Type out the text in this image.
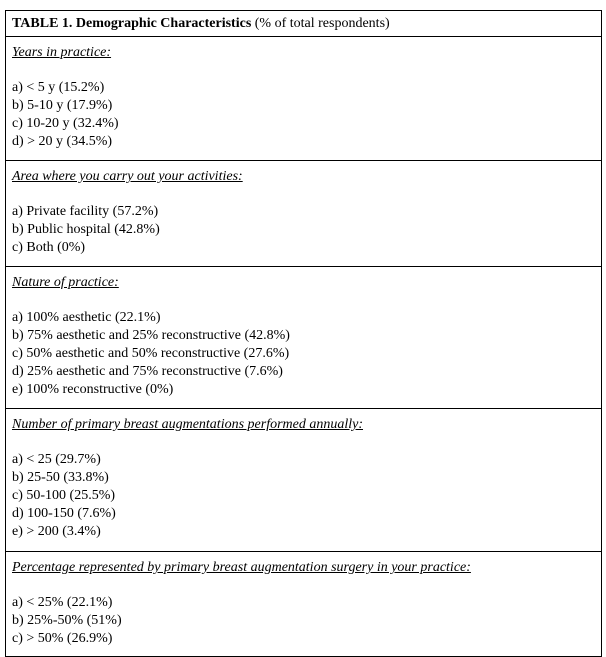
TABLE 1. Demographic Characteristics (% of total respondents)
Years in practice:
a) < 5 y (15.2%)
b) 5-10 y (17.9%)
c) 10-20 y (32.4%)
d) > 20 y (34.5%)
Area where you carry out your activities:
a) Private facility (57.2%)
b) Public hospital (42.8%)
c) Both (0%)
Nature of practice:
a) 100% aesthetic (22.1%)
b) 75% aesthetic and 25% reconstructive (42.8%)
c) 50% aesthetic and 50% reconstructive (27.6%)
d) 25% aesthetic and 75% reconstructive (7.6%)
e) 100% reconstructive (0%)
Number of primary breast augmentations performed annually:
a) < 25 (29.7%)
b) 25-50 (33.8%)
c) 50-100 (25.5%)
d) 100-150 (7.6%)
e) > 200 (3.4%)
Percentage represented by primary breast augmentation surgery in your practice:
a) < 25% (22.1%)
b) 25%-50% (51%)
c) > 50% (26.9%)
